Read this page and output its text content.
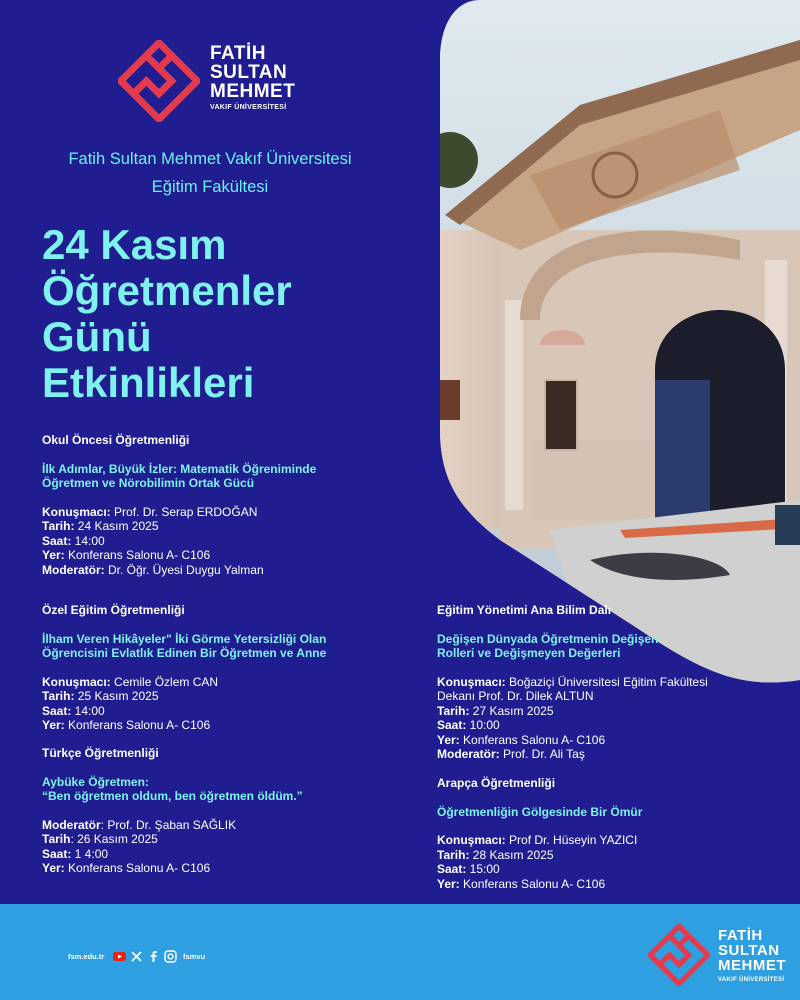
FATİH
SULTAN
MEHMET
VAKIF ÜNİVERSİTESİ
Fatih Sultan Mehmet Vakıf Üniversitesi
Eğitim Fakültesi
24 Kasım
Öğretmenler
Günü
Etkinlikleri
Okul Öncesi Öğretmenliği
İlk Adımlar, Büyük İzler: Matematik Öğreniminde
Öğretmen ve Nörobilimin Ortak Gücü
Konuşmacı: Prof. Dr. Serap ERDOĞAN
Tarih: 24 Kasım 2025
Saat: 14:00
Yer: Konferans Salonu A- C106
Moderatör: Dr. Öğr. Üyesi Duygu Yalman
Özel Eğitim Öğretmenliği
İlham Veren Hikâyeler" İki Görme Yetersizliği Olan
Öğrencisini Evlatlık Edinen Bir Öğretmen ve Anne
Konuşmacı: Cemile Özlem CAN
Tarih: 25 Kasım 2025
Saat: 14:00
Yer: Konferans Salonu A- C106
Türkçe Öğretmenliği
Aybüke Öğretmen:
“Ben öğretmen oldum, ben öğretmen öldüm.”
Moderatör: Prof. Dr. Şaban SAĞLIK
Tarih: 26 Kasım 2025
Saat: 1 4:00
Yer: Konferans Salonu A- C106
Eğitim Yönetimi Ana Bilim Dalı
Değişen Dünyada Öğretmenin Değişen
Rolleri ve Değişmeyen Değerleri
Konuşmacı: Boğaziçi Üniversitesi Eğitim Fakültesi
Dekanı Prof. Dr. Dilek ALTUN
Tarih: 27 Kasım 2025
Saat: 10:00
Yer: Konferans Salonu A- C106
Moderatör: Prof. Dr. Ali Taş
Arapça Öğretmenliği
Öğretmenliğin Gölgesinde Bir Ömür
Konuşmacı: Prof Dr. Hüseyin YAZICI
Tarih: 28 Kasım 2025
Saat: 15:00
Yer: Konferans Salonu A- C106
fsm.edu.tr	fsmvu
FATİH
SULTAN
MEHMET
VAKIF ÜNİVERSİTESİ
